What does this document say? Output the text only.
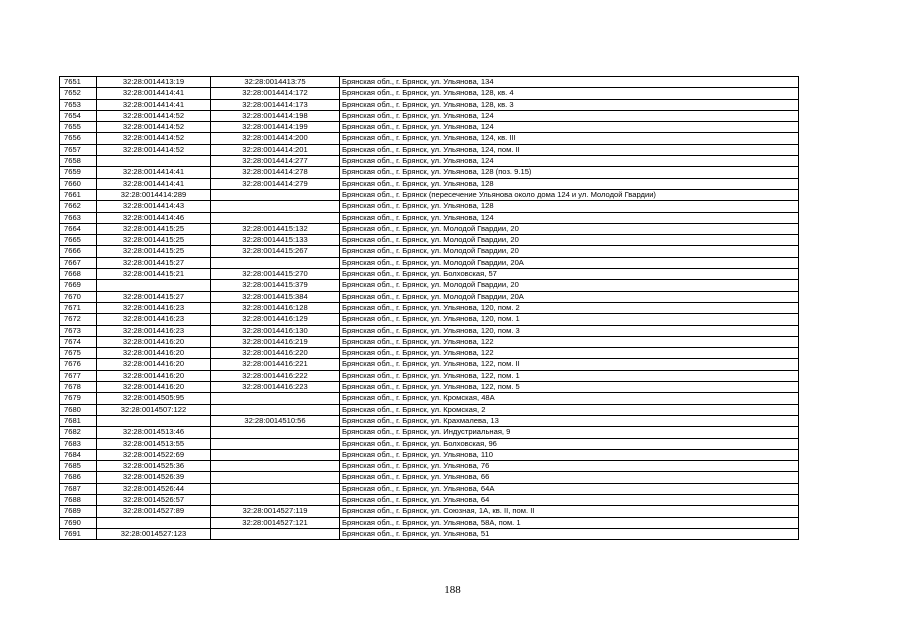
7651	32:28:0014413:19	32:28:0014413:75	Брянская обл., г. Брянск, ул. Ульянова, 134
7652	32:28:0014414:41	32:28:0014414:172	Брянская обл., г. Брянск, ул. Ульянова, 128, кв. 4
7653	32:28:0014414:41	32:28:0014414:173	Брянская обл., г. Брянск, ул. Ульянова, 128, кв. 3
7654	32:28:0014414:52	32:28:0014414:198	Брянская обл., г. Брянск, ул. Ульянова, 124
7655	32:28:0014414:52	32:28:0014414:199	Брянская обл., г. Брянск, ул. Ульянова, 124
7656	32:28:0014414:52	32:28:0014414:200	Брянская обл., г. Брянск, ул. Ульянова, 124, кв. III
7657	32:28:0014414:52	32:28:0014414:201	Брянская обл., г. Брянск, ул. Ульянова, 124, пом. II
7658		32:28:0014414:277	Брянская обл., г. Брянск, ул. Ульянова, 124
7659	32:28:0014414:41	32:28:0014414:278	Брянская обл., г. Брянск, ул. Ульянова, 128 (поз. 9.15)
7660	32:28:0014414:41	32:28:0014414:279	Брянская обл., г. Брянск, ул. Ульянова, 128
7661	32:28:0014414:289		Брянская обл., г. Брянск (пересечение Ульянова около дома 124 и ул. Молодой Гвардии)
7662	32:28:0014414:43		Брянская обл., г. Брянск, ул. Ульянова, 128
7663	32:28:0014414:46		Брянская обл., г. Брянск, ул. Ульянова, 124
7664	32:28:0014415:25	32:28:0014415:132	Брянская обл., г. Брянск, ул. Молодой Гвардии, 20
7665	32:28:0014415:25	32:28:0014415:133	Брянская обл., г. Брянск, ул. Молодой Гвардии, 20
7666	32:28:0014415:25	32:28:0014415:267	Брянская обл., г. Брянск, ул. Молодой Гвардии, 20
7667	32:28:0014415:27		Брянская обл., г. Брянск, ул. Молодой Гвардии, 20А
7668	32:28:0014415:21	32:28:0014415:270	Брянская обл., г. Брянск, ул. Болховская, 57
7669		32:28:0014415:379	Брянская обл., г. Брянск, ул. Молодой Гвардии, 20
7670	32:28:0014415:27	32:28:0014415:384	Брянская обл., г. Брянск, ул. Молодой Гвардии, 20А
7671	32:28:0014416:23	32:28:0014416:128	Брянская обл., г. Брянск, ул. Ульянова, 120, пом. 2
7672	32:28:0014416:23	32:28:0014416:129	Брянская обл., г. Брянск, ул. Ульянова, 120, пом. 1
7673	32:28:0014416:23	32:28:0014416:130	Брянская обл., г. Брянск, ул. Ульянова, 120, пом. 3
7674	32:28:0014416:20	32:28:0014416:219	Брянская обл., г. Брянск, ул. Ульянова, 122
7675	32:28:0014416:20	32:28:0014416:220	Брянская обл., г. Брянск, ул. Ульянова, 122
7676	32:28:0014416:20	32:28:0014416:221	Брянская обл., г. Брянск, ул. Ульянова, 122, пом. II
7677	32:28:0014416:20	32:28:0014416:222	Брянская обл., г. Брянск, ул. Ульянова, 122, пом. 1
7678	32:28:0014416:20	32:28:0014416:223	Брянская обл., г. Брянск, ул. Ульянова, 122, пом. 5
7679	32:28:0014505:95		Брянская обл., г. Брянск, ул. Кромская, 48А
7680	32:28:0014507:122		Брянская обл., г. Брянск, ул. Кромская, 2
7681		32:28:0014510:56	Брянская обл., г. Брянск, ул. Крахмалева, 13
7682	32:28:0014513:46		Брянская обл., г. Брянск, ул. Индустриальная, 9
7683	32:28:0014513:55		Брянская обл., г. Брянск, ул. Болховская, 96
7684	32:28:0014522:69		Брянская обл., г. Брянск, ул. Ульянова, 110
7685	32:28:0014525:36		Брянская обл., г. Брянск, ул. Ульянова, 76
7686	32:28:0014526:39		Брянская обл., г. Брянск, ул. Ульянова, 66
7687	32:28:0014526:44		Брянская обл., г. Брянск, ул. Ульянова, 64А
7688	32:28:0014526:57		Брянская обл., г. Брянск, ул. Ульянова, 64
7689	32:28:0014527:89	32:28:0014527:119	Брянская обл., г. Брянск, ул. Союзная, 1А, кв. II, пом. II
7690		32:28:0014527:121	Брянская обл., г. Брянск, ул. Ульянова, 58А, пом. 1
7691	32:28:0014527:123		Брянская обл., г. Брянск, ул. Ульянова, 51
188
